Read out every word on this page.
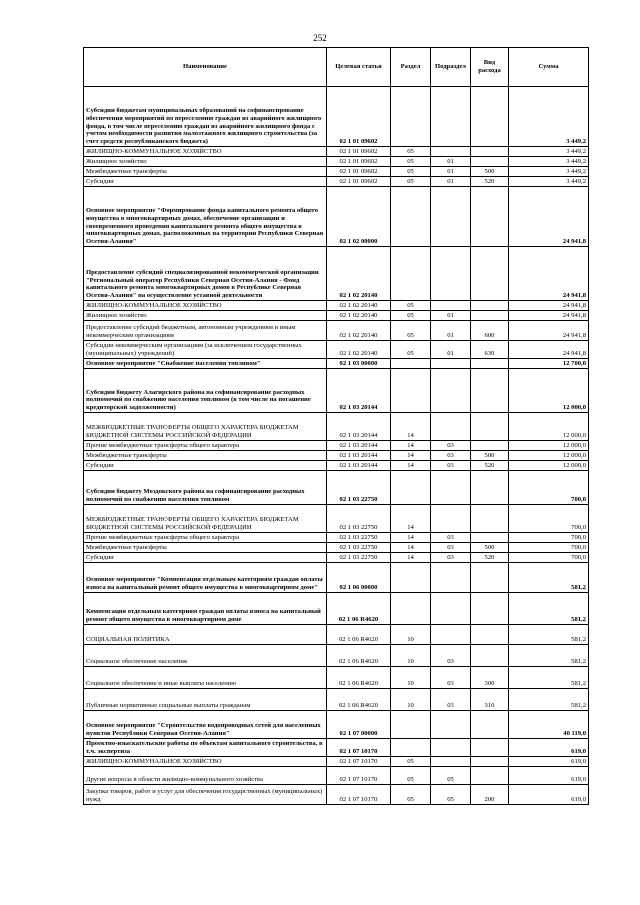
252
Наименование	Целевая статья	Раздел	Подраздел	Вид расхода	Сумма
Субсидии бюджетам муниципальных образований на софинансирование обеспечения мероприятий по переселению граждан из аварийного жилищного фонда, в том числе переселению граждан из аварийного жилищного фонда с учетом необходимости развития малоэтажного жилищного строительства (за счет средств республиканского бюджета)	02 1 01 09602				3 449,2
ЖИЛИЩНО-КОММУНАЛЬНОЕ ХОЗЯЙСТВО	02 1 01 09602	05			3 449,2
Жилищное хозяйство	02 1 01 09602	05	01		3 449,2
Межбюджетные трансферты	02 1 01 09602	05	01	500	3 449,2
Субсидии	02 1 01 09602	05	01	520	3 449,2
Основное мероприятие "Формирование фонда капитального ремонта общего имущества в многоквартирных домах, обеспечение организации и своевременного проведения капитального ремонта общего имущества в многоквартирных домах, расположенных на территории Республики Северная Осетия-Алания"	02 1 02 00000				24 941,8
Предоставление субсидий специализированной некоммерческой организации "Региональный оператор Республики Северная Осетия-Алания - Фонд капитального ремонта многоквартирных домов в Республике Северная Осетия-Алания" на осуществление уставной деятельности	02 1 02 20140				24 941,8
ЖИЛИЩНО-КОММУНАЛЬНОЕ ХОЗЯЙСТВО	02 1 02 20140	05			24 941,8
Жилищное хозяйство	02 1 02 20140	05	01		24 941,8
Предоставление субсидий бюджетным, автономным учреждениям и иным некоммерческим организациям	02 1 02 20140	05	01	600	24 941,8
Субсидии некоммерческим организациям (за исключением государственных (муниципальных) учреждений)	02 1 02 20140	05	01	630	24 941,8
Основное мероприятие "Снабжение населения топливом"	02 1 03 00000				12 700,0
Субсидии бюджету Алагирского района на софинансирование расходных полномочий по снабжению населения топливом (в том числе на погашение кредиторской задолженности)	02 1 03 20144				12 000,0
МЕЖБЮДЖЕТНЫЕ ТРАНСФЕРТЫ ОБЩЕГО ХАРАКТЕРА БЮДЖЕТАМ БЮДЖЕТНОЙ СИСТЕМЫ РОССИЙСКОЙ ФЕДЕРАЦИИ	02 1 03 20144	14			12 000,0
Прочие межбюджетные трансферты общего характера	02 1 03 20144	14	03		12 000,0
Межбюджетные трансферты	02 1 03 20144	14	03	500	12 000,0
Субсидии	02 1 03 20144	14	03	520	12 000,0
Субсидии бюджету Моздокского района на софинансирование расходных полномочий по снабжению населения топливом	02 1 03 22750				700,0
МЕЖБЮДЖЕТНЫЕ ТРАНСФЕРТЫ ОБЩЕГО ХАРАКТЕРА БЮДЖЕТАМ БЮДЖЕТНОЙ СИСТЕМЫ РОССИЙСКОЙ ФЕДЕРАЦИИ	02 1 03 22750	14			700,0
Прочие межбюджетные трансферты общего характера	02 1 03 22750	14	03		700,0
Межбюджетные трансферты	02 1 03 22750	14	03	500	700,0
Субсидии	02 1 03 22750	14	03	520	700,0
Основное мероприятие "Компенсация отдельным категориям граждан оплаты взноса на капитальный ремонт общего имущества в многоквартирном доме"	02 1 06 00000				581,2
Компенсация отдельным категориям граждан оплаты взноса на капитальный ремонт общего имущества в многоквартирном доме	02 1 06 R4620				581,2
СОЦИАЛЬНАЯ ПОЛИТИКА	02 1 06 R4620	10			581,2
Социальное обеспечение населения	02 1 06 R4620	10	03		581,2
Социальное обеспечение и иные выплаты населению	02 1 06 R4620	10	03	300	581,2
Публичные нормативные социальные выплаты гражданам	02 1 06 R4620	10	03	310	581,2
Основное мероприятие "Строительство водопроводных сетей для населенных пунктов Республики Северная Осетия-Алания"	02 1 07 00000				40 119,0
Проектно-изыскательские работы по объектам капитального строительства, в т.ч. экспертиза	02 1 07 10170				619,0
ЖИЛИЩНО-КОММУНАЛЬНОЕ ХОЗЯЙСТВО	02 1 07 10170	05			619,0
Другие вопросы в области жилищно-коммунального хозяйства	02 1 07 10170	05	05		619,0
Закупка товаров, работ и услуг для обеспечения государственных (муниципальных) нужд	02 1 07 10170	05	05	200	619,0
